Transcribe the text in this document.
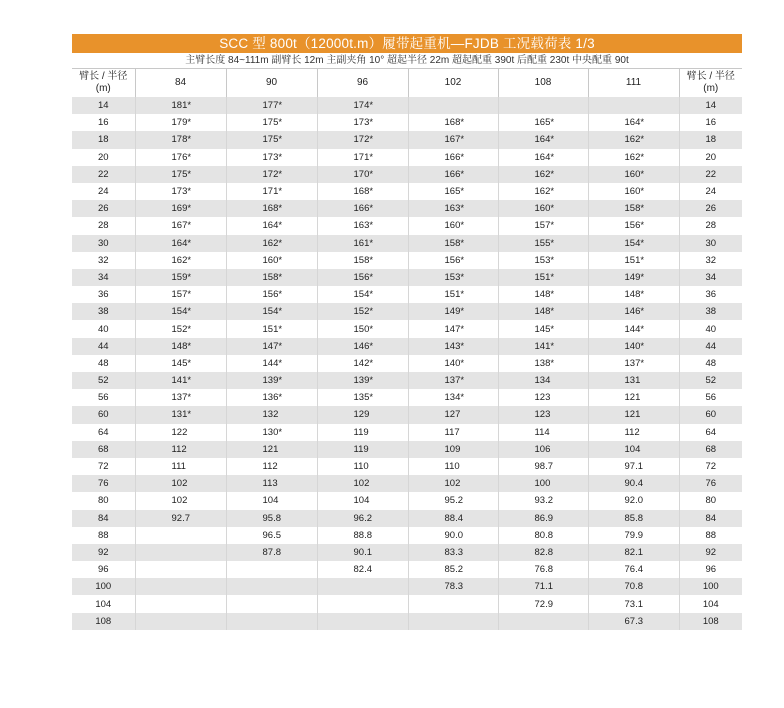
SCC 型 800t（12000t.m）履带起重机—FJDB 工况载荷表 1/3
主臂长度 84~111m 副臂长 12m 主副夹角 10° 超起半径 22m 超起配重 390t 后配重 230t 中央配重 90t
臂长 / 半径
(m)	84	90	96	102	108	111	臂长 / 半径
(m)
14	181*	177*	174*				14
16	179*	175*	173*	168*	165*	164*	16
18	178*	175*	172*	167*	164*	162*	18
20	176*	173*	171*	166*	164*	162*	20
22	175*	172*	170*	166*	162*	160*	22
24	173*	171*	168*	165*	162*	160*	24
26	169*	168*	166*	163*	160*	158*	26
28	167*	164*	163*	160*	157*	156*	28
30	164*	162*	161*	158*	155*	154*	30
32	162*	160*	158*	156*	153*	151*	32
34	159*	158*	156*	153*	151*	149*	34
36	157*	156*	154*	151*	148*	148*	36
38	154*	154*	152*	149*	148*	146*	38
40	152*	151*	150*	147*	145*	144*	40
44	148*	147*	146*	143*	141*	140*	44
48	145*	144*	142*	140*	138*	137*	48
52	141*	139*	139*	137*	134	131	52
56	137*	136*	135*	134*	123	121	56
60	131*	132	129	127	123	121	60
64	122	130*	119	117	114	112	64
68	112	121	119	109	106	104	68
72	111	112	110	110	98.7	97.1	72
76	102	113	102	102	100	90.4	76
80	102	104	104	95.2	93.2	92.0	80
84	92.7	95.8	96.2	88.4	86.9	85.8	84
88		96.5	88.8	90.0	80.8	79.9	88
92		87.8	90.1	83.3	82.8	82.1	92
96			82.4	85.2	76.8	76.4	96
100				78.3	71.1	70.8	100
104					72.9	73.1	104
108						67.3	108
